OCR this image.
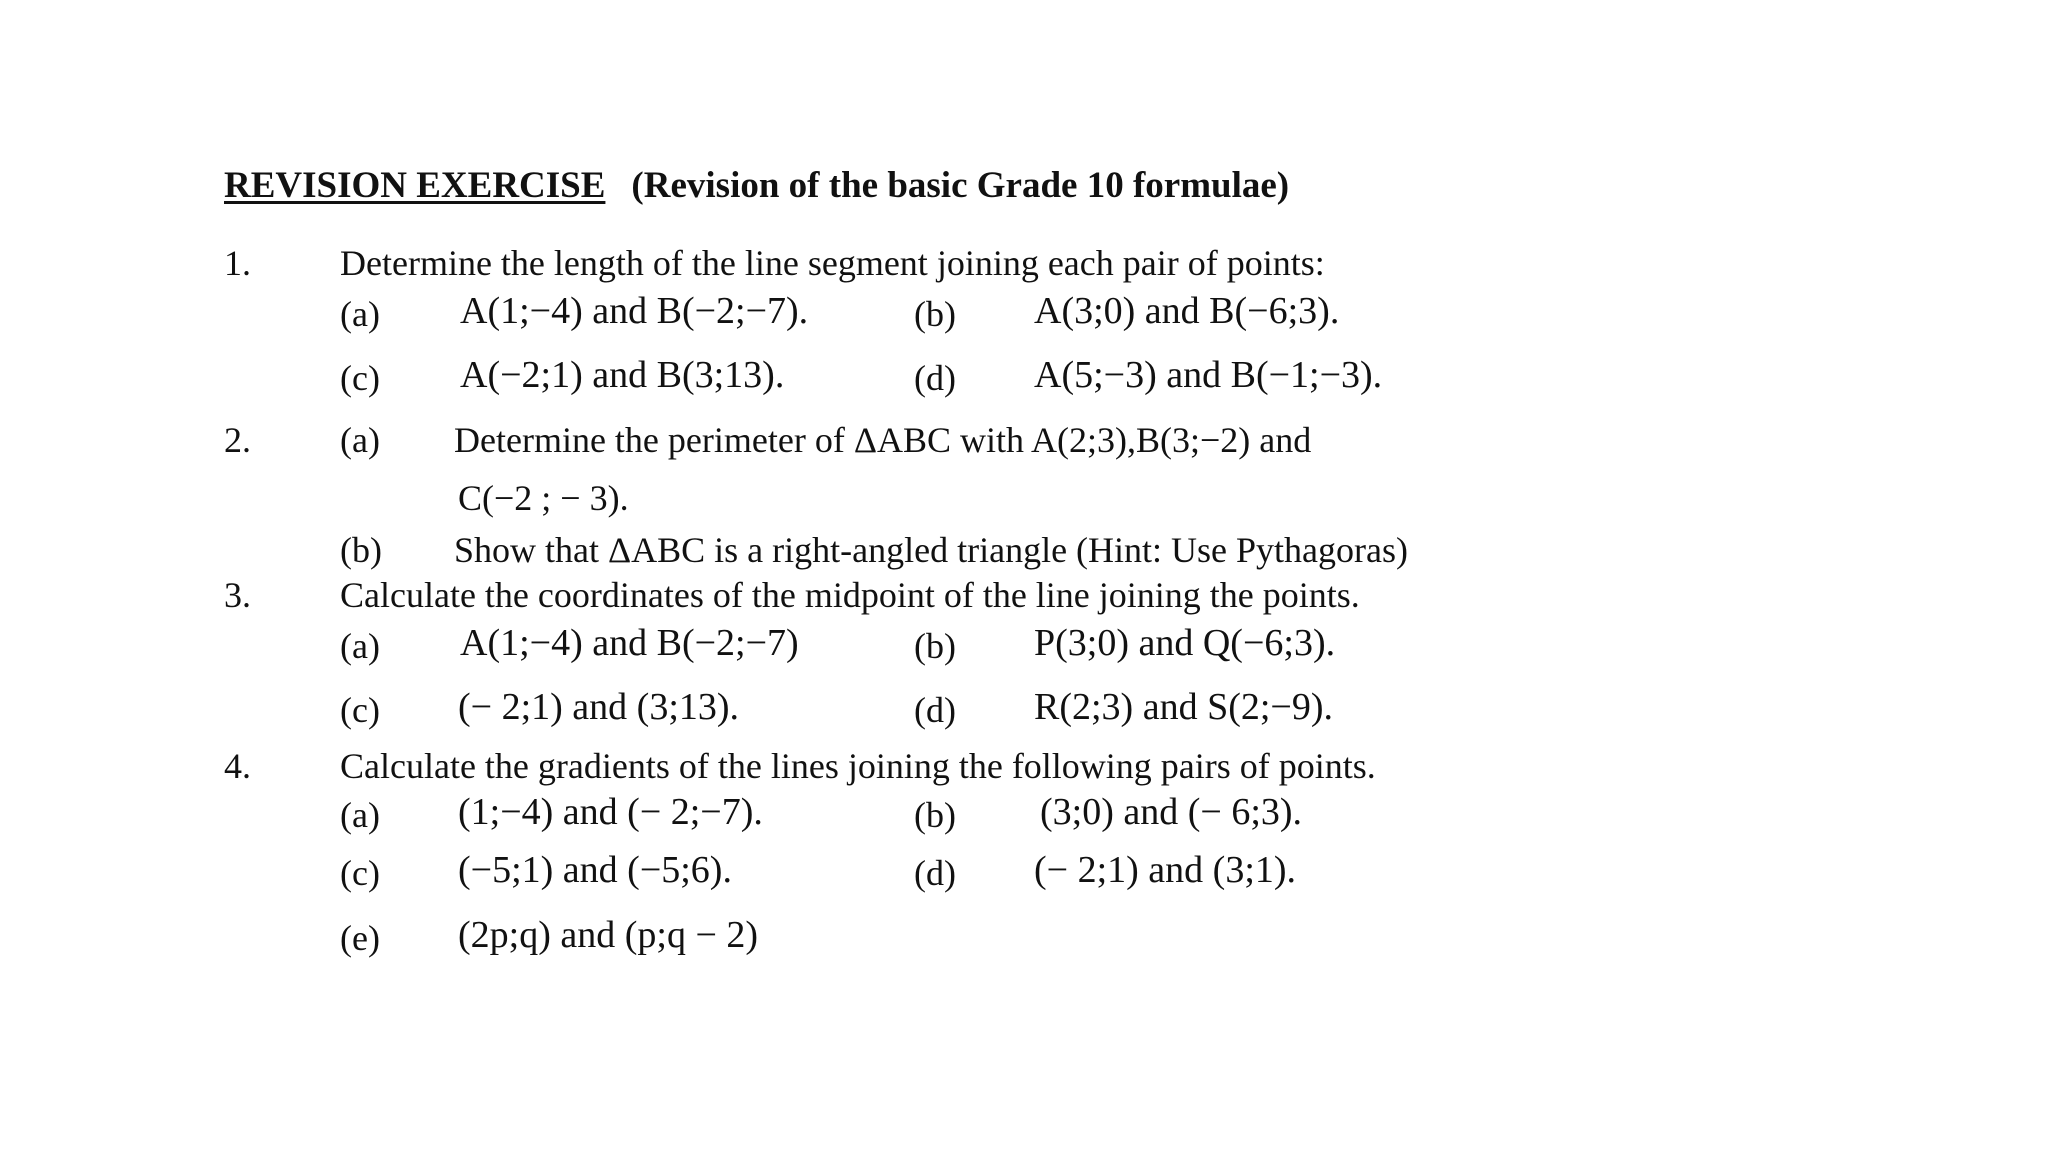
REVISION EXERCISE (Revision of the basic Grade 10 formulae)
1. Determine the length of the line segment joining each pair of points:
(a) A(1;−4) and B(−2;−7).	(b) A(3;0) and B(−6;3).
(c) A(−2;1) and B(3;13).	(d) A(5;−3) and B(−1;−3).
2. (a) Determine the perimeter of ΔABC with A(2;3),B(3;−2) and
C(−2 ; − 3).
(b) Show that ΔABC is a right-angled triangle (Hint: Use Pythagoras)
3. Calculate the coordinates of the midpoint of the line joining the points.
(a) A(1;−4) and B(−2;−7)	(b) P(3;0) and Q(−6;3).
(c) (− 2;1) and (3;13).	(d) R(2;3) and S(2;−9).
4. Calculate the gradients of the lines joining the following pairs of points.
(a) (1;−4) and (− 2;−7).	(b) (3;0) and (− 6;3).
(c) (−5;1) and (−5;6).	(d) (− 2;1) and (3;1).
(e) (2p;q) and (p;q − 2)
